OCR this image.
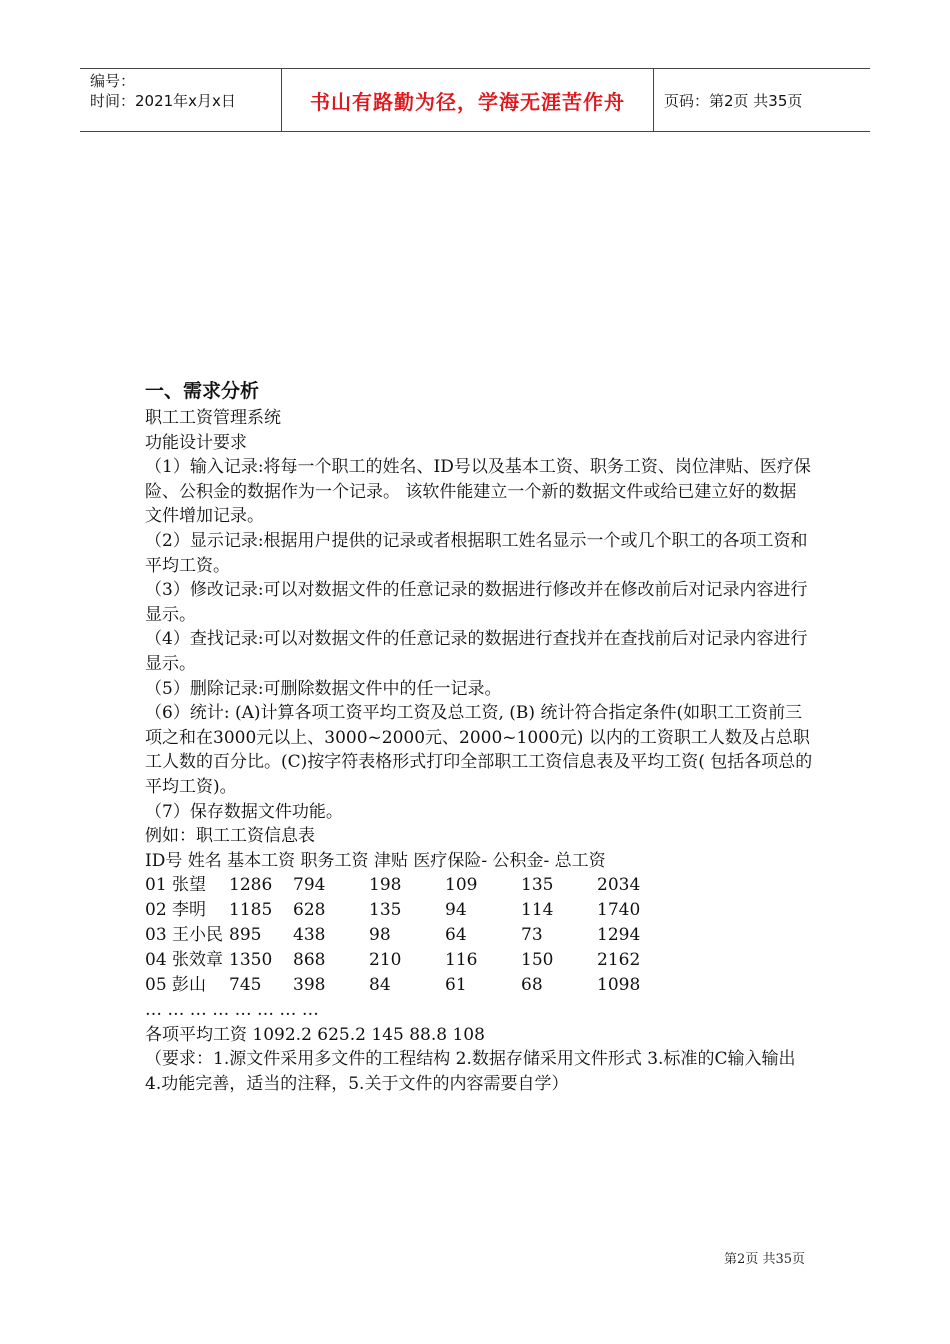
编号：
时间：2021年x月x日	书山有路勤为径，学海无涯苦作舟	页码：第2页 共35页
一、需求分析

职工工资管理系统

功能设计要求

（1）输入记录:将每一个职工的姓名、ID号以及基本工资、职务工资、岗位津贴、医疗保险、公积金的数据作为一个记录。 该软件能建立一个新的数据文件或给已建立好的数据文件增加记录。

（2）显示记录:根据用户提供的记录或者根据职工姓名显示一个或几个职工的各项工资和平均工资。

（3）修改记录:可以对数据文件的任意记录的数据进行修改并在修改前后对记录内容进行显示。

（4）查找记录:可以对数据文件的任意记录的数据进行查找并在查找前后对记录内容进行显示。

（5）删除记录:可删除数据文件中的任一记录。

（6）统计: (A)计算各项工资平均工资及总工资, (B) 统计符合指定条件(如职工工资前三项之和在3000元以上、3000~2000元、2000~1000元) 以内的工资职工人数及占总职工人数的百分比。(C)按字符表格形式打印全部职工工资信息表及平均工资( 包括各项总的平均工资)。

（7）保存数据文件功能。

例如：职工工资信息表

ID号 姓名 基本工资 职务工资 津贴 医疗保险- 公积金- 总工资

01 张望	1286	794	198	109	135	2034
02 李明	1185	628	135	94	114	1740
03 王小民	895	438	98	64	73	1294
04 张效章	1350	868	210	116	150	2162
05 彭山	745	398	84	61	68	1098

… … … … … … … …

各项平均工资 1092.2 625.2 145 88.8 108

（要求：1.源文件采用多文件的工程结构 2.数据存储采用文件形式 3.标准的C输入输出 4.功能完善，适当的注释，5.关于文件的内容需要自学）

第2页 共35页
